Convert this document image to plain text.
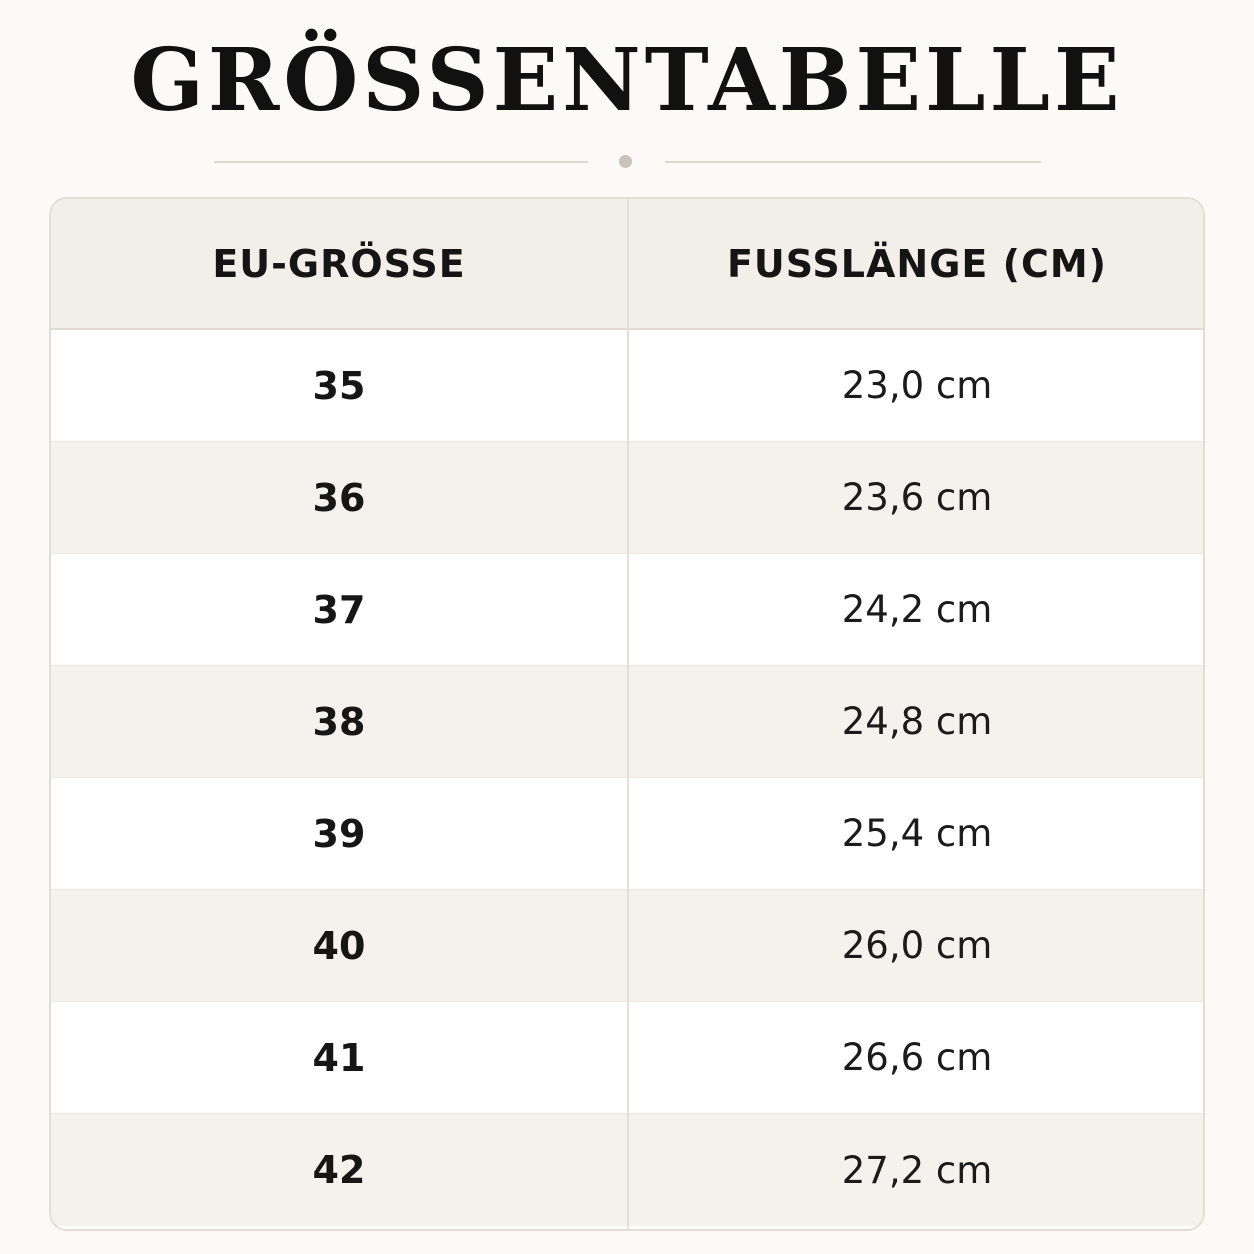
GRÖSSENTABELLE
EU-GRÖSSE	FUSSLÄNGE (CM)
35	23,0 cm
36	23,6 cm
37	24,2 cm
38	24,8 cm
39	25,4 cm
40	26,0 cm
41	26,6 cm
42	27,2 cm
